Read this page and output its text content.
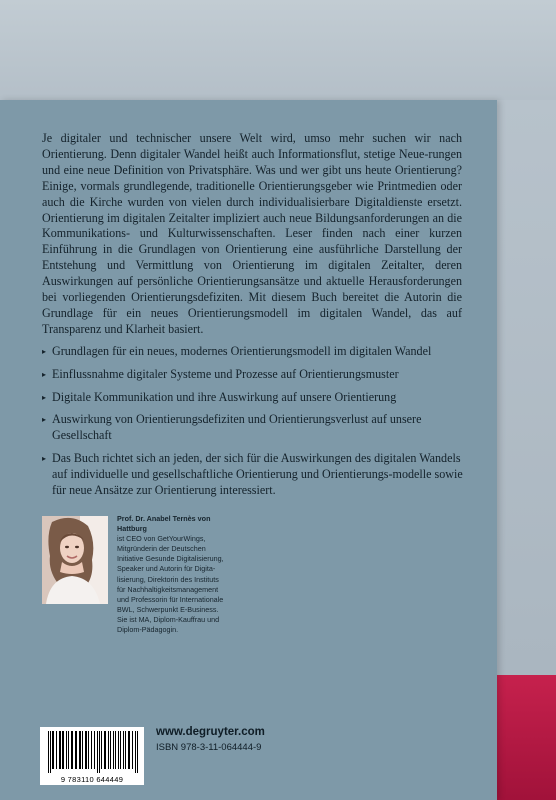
Je digitaler und technischer unsere Welt wird, umso mehr suchen wir nach Orientierung. Denn digitaler Wandel heißt auch Informationsflut, stetige Neue-rungen und eine neue Definition von Privatsphäre. Was und wer gibt uns heute Orientierung? Einige, vormals grundlegende, traditionelle Orientierungsgeber wie Printmedien oder auch die Kirche wurden von vielen durch individualisierbare Digitaldienste ersetzt. Orientierung im digitalen Zeitalter impliziert auch neue Bildungsanforderungen an die Kommunikations- und Kulturwissenschaften. Leser finden nach einer kurzen Einführung in die Grundlagen von Orientierung eine ausführliche Darstellung der Entstehung und Vermittlung von Orientierung im digitalen Zeitalter, deren Auswirkungen auf persönliche Orientierungsansätze und aktuelle Herausforderungen bei vorliegenden Orientierungsdefiziten. Mit diesem Buch bereitet die Autorin die Grundlage für ein neues Orientierungsmodell im digitalen Wandel, das auf Transparenz und Klarheit basiert.

▸ Grundlagen für ein neues, modernes Orientierungsmodell im digitalen Wandel
▸ Einflussnahme digitaler Systeme und Prozesse auf Orientierungsmuster
▸ Digitale Kommunikation und ihre Auswirkung auf unsere Orientierung
▸ Auswirkung von Orientierungsdefiziten und Orientierungsverlust auf unsere Gesellschaft
▸ Das Buch richtet sich an jeden, der sich für die Auswirkungen des digitalen Wandels auf individuelle und gesellschaftliche Orientierung und Orientierungs-modelle sowie für neue Ansätze zur Orientierung interessiert.
Prof. Dr. Anabel Ternès von
Hattburg
ist CEO von GetYourWings,
Mitgründerin der Deutschen
Initiative Gesunde Digitalisierung,
Speaker und Autorin für Digita-
lisierung, Direktorin des Instituts
für Nachhaltigkeitsmanagement
und Professorin für Internationale
BWL, Schwerpunkt E-Business.
Sie ist MA, Diplom-Kauffrau und
Diplom-Pädagogin.
9 783110 644449
www.degruyter.com
ISBN 978-3-11-064444-9
